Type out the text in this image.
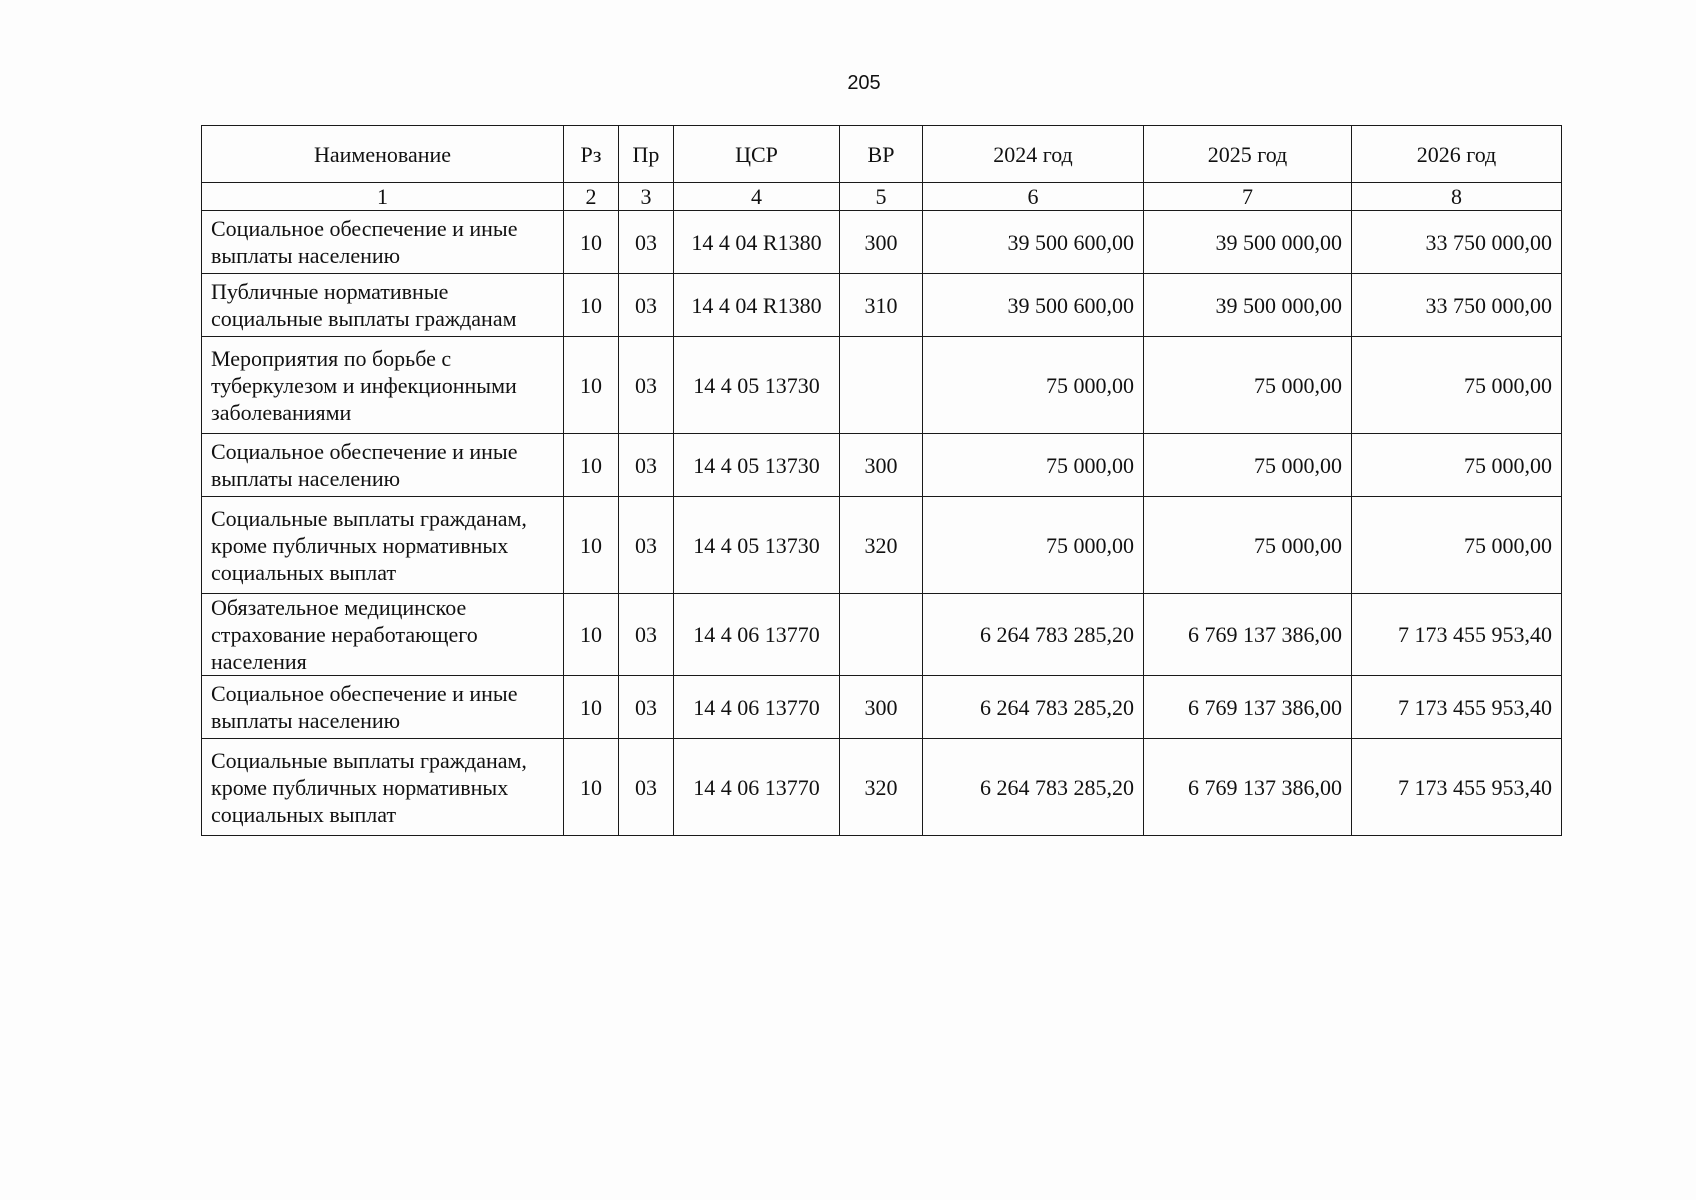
205
Наименование	Рз	Пр	ЦСР	ВР	2024 год	2025 год	2026 год
1	2	3	4	5	6	7	8
Социальное обеспечение и иные выплаты населению	10	03	14 4 04 R1380	300	39 500 600,00	39 500 000,00	33 750 000,00
Публичные нормативные социальные выплаты гражданам	10	03	14 4 04 R1380	310	39 500 600,00	39 500 000,00	33 750 000,00
Мероприятия по борьбе с туберкулезом и инфекционными заболеваниями	10	03	14 4 05 13730		75 000,00	75 000,00	75 000,00
Социальное обеспечение и иные выплаты населению	10	03	14 4 05 13730	300	75 000,00	75 000,00	75 000,00
Социальные выплаты гражданам, кроме публичных нормативных социальных выплат	10	03	14 4 05 13730	320	75 000,00	75 000,00	75 000,00
Обязательное медицинское страхование неработающего населения	10	03	14 4 06 13770		6 264 783 285,20	6 769 137 386,00	7 173 455 953,40
Социальное обеспечение и иные выплаты населению	10	03	14 4 06 13770	300	6 264 783 285,20	6 769 137 386,00	7 173 455 953,40
Социальные выплаты гражданам, кроме публичных нормативных социальных выплат	10	03	14 4 06 13770	320	6 264 783 285,20	6 769 137 386,00	7 173 455 953,40
